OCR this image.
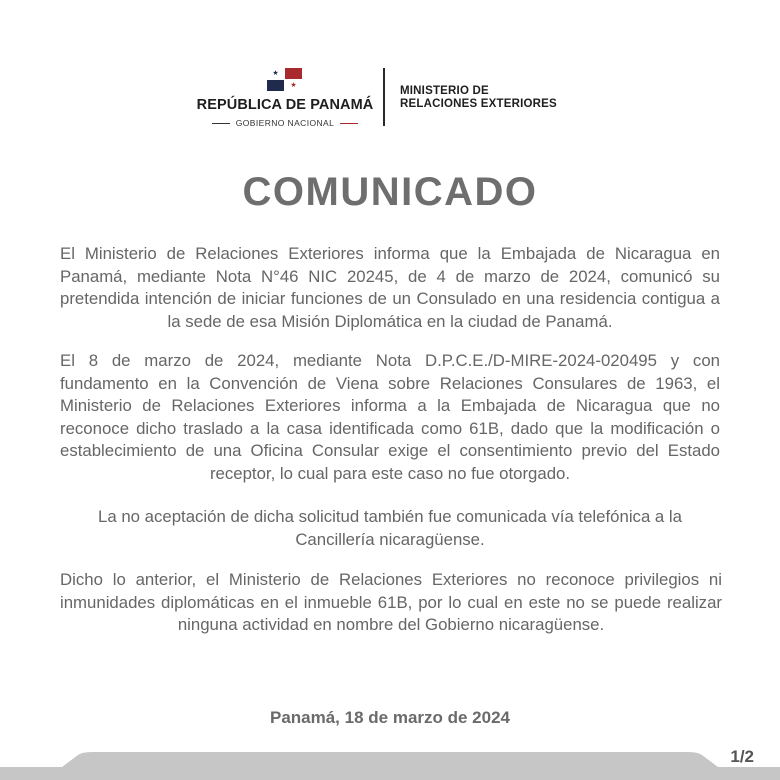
★
★
REPÚBLICA DE PANAMÁ
GOBIERNO NACIONAL
MINISTERIO DE
RELACIONES EXTERIORES
COMUNICADO

El Ministerio de Relaciones Exteriores informa que la Embajada de Nicaragua en Panamá, mediante Nota N°46 NIC 20245, de 4 de marzo de 2024, comunicó su pretendida intención de iniciar funciones de un Consulado en una residencia contigua a la sede de esa Misión Diplomática en la ciudad de Panamá.

El 8 de marzo de 2024, mediante Nota D.P.C.E./D-MIRE-2024-020495 y con fundamento en la Convención de Viena sobre Relaciones Consulares de 1963, el Ministerio de Relaciones Exteriores informa a la Embajada de Nicaragua que no reconoce dicho traslado a la casa identificada como 61B, dado que la modificación o establecimiento de una Oficina Consular exige el consentimiento previo del Estado receptor, lo cual para este caso no fue otorgado.

La no aceptación de dicha solicitud también fue comunicada vía telefónica a la Cancillería nicaragüense.

Dicho lo anterior, el Ministerio de Relaciones Exteriores no reconoce privilegios ni inmunidades diplomáticas en el inmueble 61B, por lo cual en este no se puede realizar ninguna actividad en nombre del Gobierno nicaragüense.

Panamá, 18 de marzo de 2024
1/2
